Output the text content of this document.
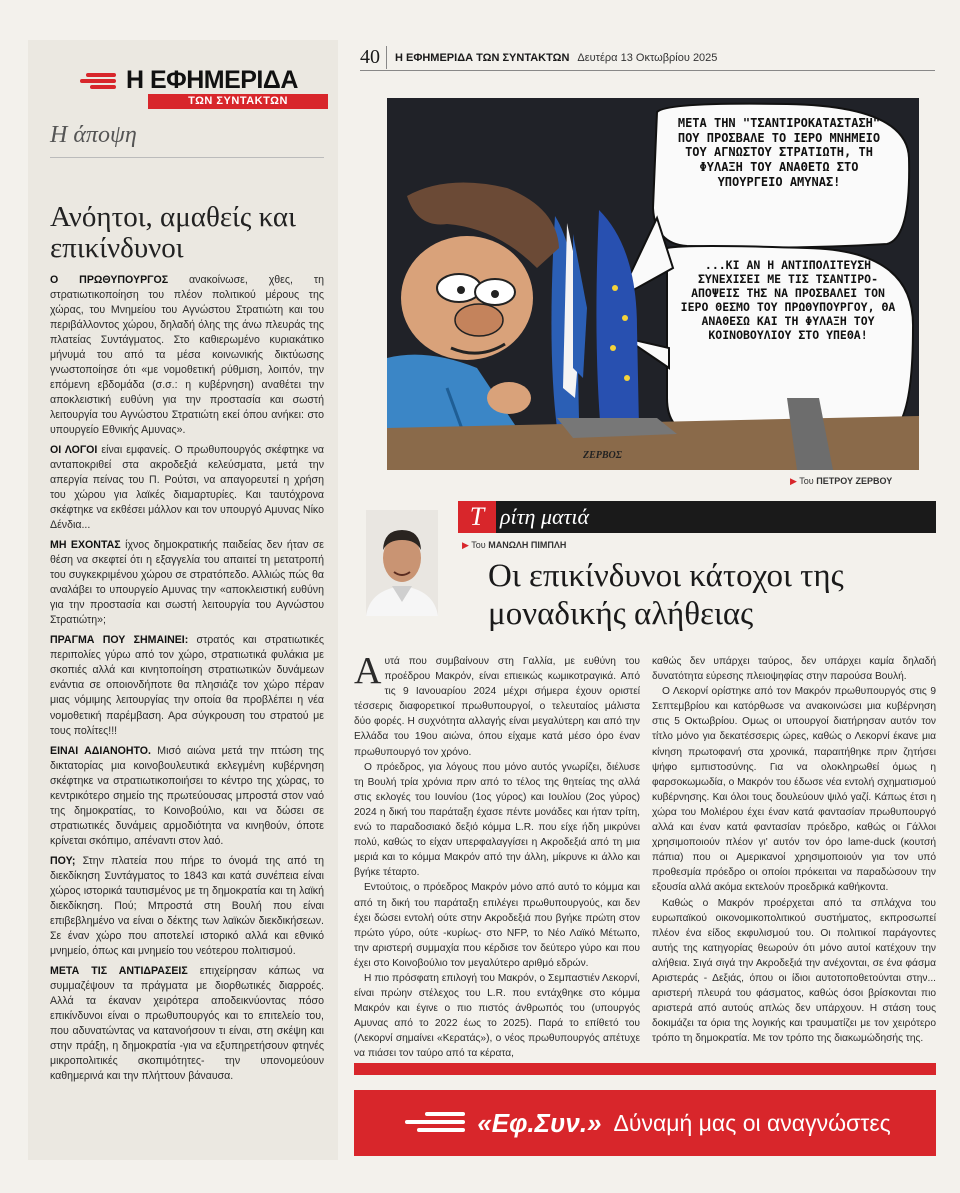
Η ΕΦΗΜΕΡΙΔΑ
ΤΩΝ ΣΥΝΤΑΚΤΩΝ
Η άποψη
Ανόητοι, αμαθείς και επικίνδυνοι

Ο ΠΡΩΘΥΠΟΥΡΓΟΣ ανακοίνωσε, χθες, τη στρατιωτικοποίηση του πλέον πολιτικού μέρους της χώρας, του Μνημείου του Αγνώστου Στρατιώτη και του περιβάλλοντος χώρου, δηλαδή όλης της άνω πλευράς της πλατείας Συντάγματος. Στο καθιερωμένο κυριακάτικο μήνυμά του από τα μέσα κοινωνικής δικτύωσης γνωστοποίησε ότι «με νομοθετική ρύθμιση, λοιπόν, την επόμενη εβδομάδα (σ.σ.: η κυβέρνηση) αναθέτει την αποκλειστική ευθύνη για την προστασία και σωστή λειτουργία του Αγνώστου Στρατιώτη εκεί όπου ανήκει: στο υπουργείο Εθνικής Αμυνας».

ΟΙ ΛΟΓΟΙ είναι εμφανείς. Ο πρωθυπουργός σκέφτηκε να ανταποκριθεί στα ακροδεξιά κελεύσματα, μετά την απεργία πείνας του Π. Ρούτσι, να απαγορευτεί η χρήση του χώρου για λαϊκές διαμαρτυρίες. Και ταυτόχρονα σκέφτηκε να εκθέσει μάλλον και τον υπουργό Αμυνας Νίκο Δένδια...

ΜΗ ΕΧΟΝΤΑΣ ίχνος δημοκρατικής παιδείας δεν ήταν σε θέση να σκεφτεί ότι η εξαγγελία του απαιτεί τη μετατροπή του συγκεκριμένου χώρου σε στρατόπεδο. Αλλιώς πώς θα αναλάβει το υπουργείο Αμυνας την «αποκλειστική ευθύνη για την προστασία και σωστή λειτουργία του Αγνώστου Στρατιώτη»;

ΠΡΑΓΜΑ ΠΟΥ ΣΗΜΑΙΝΕΙ: στρατός και στρατιωτικές περιπολίες γύρω από τον χώρο, στρατιωτικά φυλάκια με σκοπιές αλλά και κινητοποίηση στρατιωτικών δυνάμεων ενάντια σε οποιονδήποτε θα πλησιάζε τον χώρο πέραν μιας νόμιμης λειτουργίας την οποία θα προβλέπει η νέα νομοθετική παρέμβαση. Αρα σύγκρουση του στρατού με τους πολίτες!!!

ΕΙΝΑΙ ΑΔΙΑΝΟΗΤΟ. Μισό αιώνα μετά την πτώση της δικτατορίας μια κοινοβουλευτικά εκλεγμένη κυβέρνηση σκέφτηκε να στρατιωτικοποιήσει το κέντρο της χώρας, το κεντρικότερο σημείο της πρωτεύουσας μπροστά στον ναό της δημοκρατίας, το Κοινοβούλιο, και να δώσει σε στρατιωτικές δυνάμεις αρμοδιότητα να κινηθούν, όποτε κρίνεται σκόπιμο, απέναντι στον λαό.

ΠΟΥ; Στην πλατεία που πήρε το όνομά της από τη διεκδίκηση Συντάγματος το 1843 και κατά συνέπεια είναι χώρος ιστορικά ταυτισμένος με τη δημοκρατία και τη λαϊκή διεκδίκηση. Πού; Μπροστά στη Βουλή που είναι επιβεβλημένο να είναι ο δέκτης των λαϊκών διεκδικήσεων. Σε έναν χώρο που αποτελεί ιστορικό αλλά και εθνικό μνημείο, όπως και μνημείο του νεότερου πολιτισμού.

ΜΕΤΑ ΤΙΣ ΑΝΤΙΔΡΑΣΕΙΣ επιχείρησαν κάπως να συμμαζέψουν τα πράγματα με διορθωτικές διαρροές. Αλλά τα έκαναν χειρότερα αποδεικνύοντας πόσο επικίνδυνοι είναι ο πρωθυπουργός και το επιτελείο του, που αδυνατώντας να κατανοήσουν τι είναι, στη σκέψη και στην πράξη, η δημοκρατία -για να εξυπηρετήσουν φτηνές μικροπολιτικές σκοπιμότητες- την υπονομεύουν καθημερινά και την πλήττουν βάναυσα.

40	Η ΕΦΗΜΕΡΙΔΑ ΤΩΝ ΣΥΝΤΑΚΤΩΝ Δευτέρα 13 Οκτωβρίου 2025
ΜΕΤΑ ΤΗΝ "ΤΣΑΝΤΙΡΟΚΑΤΑΣΤΑΣΗ" ΠΟΥ ΠΡΟΣΒΑΛΕ ΤΟ ΙΕΡΟ ΜΝΗΜΕΙΟ ΤΟΥ ΑΓΝΩΣΤΟΥ ΣΤΡΑΤΙΩΤΗ, ΤΗ ΦΥΛΑΞΗ ΤΟΥ ΑΝΑΘΕΤΩ ΣΤΟ ΥΠΟΥΡΓΕΙΟ ΑΜΥΝΑΣ!
...ΚΙ ΑΝ Η ΑΝΤΙΠΟΛΙΤΕΥΣΗ ΣΥΝΕΧΙΣΕΙ ΜΕ ΤΙΣ ΤΣΑΝΤΙΡΟ-ΑΠΟΨΕΙΣ ΤΗΣ ΝΑ ΠΡΟΣΒΑΛΕΙ ΤΟΝ ΙΕΡΟ ΘΕΣΜΟ ΤΟΥ ΠΡΩΘΥΠΟΥΡΓΟΥ, ΘΑ ΑΝΑΘΕΣΩ ΚΑΙ ΤΗ ΦΥΛΑΞΗ ΤΟΥ ΚΟΙΝΟΒΟΥΛΙΟΥ ΣΤΟ ΥΠΕΘΑ!
ΖΕΡΒΟΣ
▶ Του ΠΕΤΡΟΥ ΖΕΡΒΟΥ
Τ ρίτη ματιά
▶ Του ΜΑΝΩΛΗ ΠΙΜΠΛΗ
Οι επικίνδυνοι κάτοχοι της μοναδικής αλήθειας

Αυτά που συμβαίνουν στη Γαλλία, με ευθύνη του προέδρου Μακρόν, είναι επιεικώς κωμικοτραγικά. Από τις 9 Ιανουαρίου 2024 μέχρι σήμερα έχουν οριστεί τέσσερις διαφορετικοί πρωθυπουργοί, ο τελευταίος μάλιστα δύο φορές. Η συχνότητα αλλαγής είναι μεγαλύτερη και από την Ελλάδα του 19ου αιώνα, όπου είχαμε κατά μέσο όρο έναν πρωθυπουργό τον χρόνο.

Ο πρόεδρος, για λόγους που μόνο αυτός γνωρίζει, διέλυσε τη Βουλή τρία χρόνια πριν από το τέλος της θητείας της αλλά στις εκλογές του Ιουνίου (1ος γύρος) και Ιουλίου (2ος γύρος) 2024 η δική του παράταξη έχασε πέντε μονάδες και ήταν τρίτη, ενώ το παραδοσιακό δεξιό κόμμα L.R. που είχε ήδη μικρύνει πολύ, καθώς το είχαν υπερφαλαγγίσει η Ακροδεξιά από τη μια μεριά και το κόμμα Μακρόν από την άλλη, μίκρυνε κι άλλο και βγήκε τέταρτο.

Εντούτοις, ο πρόεδρος Μακρόν μόνο από αυτό το κόμμα και από τη δική του παράταξη επιλέγει πρωθυπουργούς, και δεν έχει δώσει εντολή ούτε στην Ακροδεξιά που βγήκε πρώτη στον πρώτο γύρο, ούτε -κυρίως- στο NFP, το Νέο Λαϊκό Μέτωπο, την αριστερή συμμαχία που κέρδισε τον δεύτερο γύρο και που έχει στο Κοινοβούλιο τον μεγαλύτερο αριθμό εδρών.

Η πιο πρόσφατη επιλογή του Μακρόν, ο Σεμπαστιέν Λεκορνί, είναι πρώην στέλεχος του L.R. που εντάχθηκε στο κόμμα Μακρόν και έγινε ο πιο πιστός άνθρωπός του (υπουργός Αμυνας από το 2022 έως το 2025). Παρά το επίθετό του (Λεκορνί σημαίνει «Κερατάς»), ο νέος πρωθυπουργός απέτυχε να πιάσει τον ταύρο από τα κέρατα,

καθώς δεν υπάρχει ταύρος, δεν υπάρχει καμία δηλαδή δυνατότητα εύρεσης πλειοψηφίας στην παρούσα Βουλή.

Ο Λεκορνί ορίστηκε από τον Μακρόν πρωθυπουργός στις 9 Σεπτεμβρίου και κατόρθωσε να ανακοινώσει μια κυβέρνηση στις 5 Οκτωβρίου. Ομως οι υπουργοί διατήρησαν αυτόν τον τίτλο μόνο για δεκατέσσερις ώρες, καθώς ο Λεκορνί έκανε μια κίνηση πρωτοφανή στα χρονικά, παραιτήθηκε πριν ζητήσει ψήφο εμπιστοσύνης. Για να ολοκληρωθεί όμως η φαρσοκωμωδία, ο Μακρόν του έδωσε νέα εντολή σχηματισμού κυβέρνησης. Και όλοι τους δουλεύουν ψιλό γαζί. Κάπως έτσι η χώρα του Μολιέρου έχει έναν κατά φαντασίαν πρωθυπουργό αλλά και έναν κατά φαντασίαν πρόεδρο, καθώς οι Γάλλοι χρησιμοποιούν πλέον γι' αυτόν τον όρο lame-duck (κουτσή πάπια) που οι Αμερικανοί χρησιμοποιούν για τον υπό προθεσμία πρόεδρο οι οποίοι πρόκειται να παραδώσουν την εξουσία αλλά ακόμα εκτελούν προεδρικά καθήκοντα.

Καθώς ο Μακρόν προέρχεται από τα σπλάχνα του ευρωπαϊκού οικονομικοπολιτικού συστήματος, εκπροσωπεί πλέον ένα είδος εκφυλισμού του. Οι πολιτικοί παράγοντες αυτής της κατηγορίας θεωρούν ότι μόνο αυτοί κατέχουν την αλήθεια. Σιγά σιγά την Ακροδεξιά την ανέχονται, σε ένα φάσμα Αριστεράς - Δεξιάς, όπου οι ίδιοι αυτοτοποθετούνται στην... αριστερή πλευρά του φάσματος, καθώς όσοι βρίσκονται πιο αριστερά από αυτούς απλώς δεν υπάρχουν. Η στάση τους δοκιμάζει τα όρια της λογικής και τραυματίζει με τον χειρότερο τρόπο τη δημοκρατία. Με τον τρόπο της διακωμώδησής της.

«Εφ.Συν.» Δύναμή μας οι αναγνώστες
